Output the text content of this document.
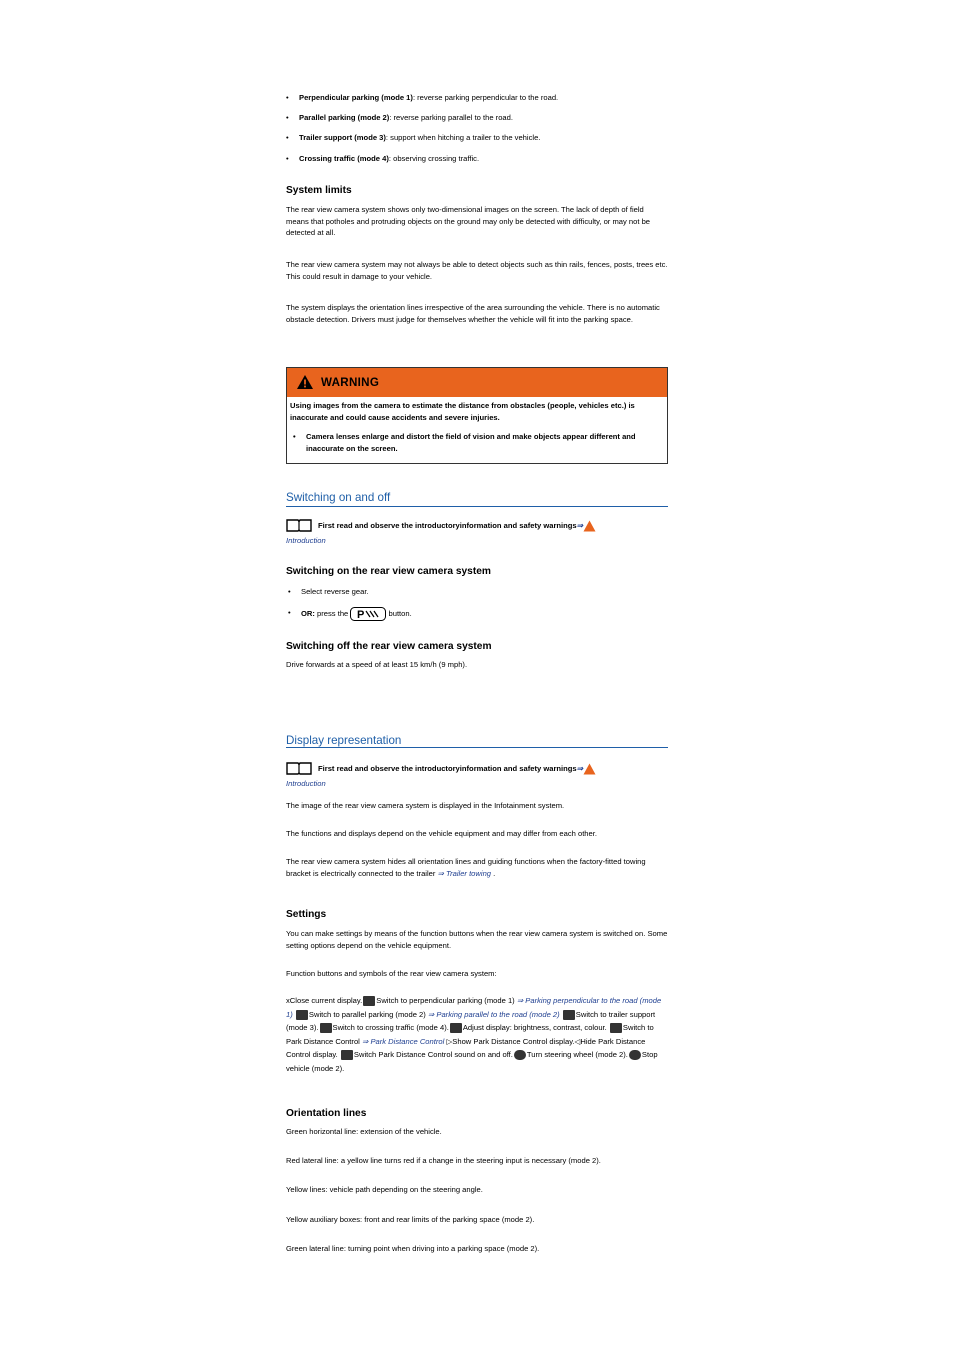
• Perpendicular parking (mode 1): reverse parking perpendicular to the road.
• Parallel parking (mode 2): reverse parking parallel to the road.
• Trailer support (mode 3): support when hitching a trailer to the vehicle.
• Crossing traffic (mode 4): observing crossing traffic.
System limits

The rear view camera system shows only two-dimensional images on the screen. The lack of depth of field means that potholes and protruding objects on the ground may only be detected with difficulty, or may not be detected at all.

The rear view camera system may not always be able to detect objects such as thin rails, fences, posts, trees etc. This could result in damage to your vehicle.

The system displays the orientation lines irrespective of the area surrounding the vehicle. There is no automatic obstacle detection. Drivers must judge for themselves whether the vehicle will fit into the parking space.

WARNING

Using images from the camera to estimate the distance from obstacles (people, vehicles etc.) is inaccurate and could cause accidents and severe injuries.

• Camera lenses enlarge and distort the field of vision and make objects appear different and inaccurate on the screen.
Switching on and off
First read and observe the introductoryinformation and safety warnings⇒
Introduction
Switching on the rear view camera system
• Select reverse gear.
• OR: press the P	button.
Switching off the rear view camera system

Drive forwards at a speed of at least 15 km/h (9 mph).

Display representation
First read and observe the introductoryinformation and safety warnings⇒
Introduction

The image of the rear view camera system is displayed in the Infotainment system.

The functions and displays depend on the vehicle equipment and may differ from each other.

The rear view camera system hides all orientation lines and guiding functions when the factory-fitted towing bracket is electrically connected to the trailer ⇒ Trailer towing .

Settings

You can make settings by means of the function buttons when the rear view camera system is switched on. Some setting options depend on the vehicle equipment.

Function buttons and symbols of the rear view camera system:

xClose current display. Switch to perpendicular parking (mode 1) ⇒ Parking perpendicular to the road (mode 1) Switch to parallel parking (mode 2) ⇒ Parking parallel to the road (mode 2) Switch to trailer support (mode 3). Switch to crossing traffic (mode 4). Adjust display: brightness, contrast, colour. Switch to Park Distance Control ⇒ Park Distance Control ▷Show Park Distance Control display.◁Hide Park Distance Control display. Switch Park Distance Control sound on and off. Turn steering wheel (mode 2). Stop vehicle (mode 2).
Orientation lines

Green horizontal line: extension of the vehicle.

Red lateral line: a yellow line turns red if a change in the steering input is necessary (mode 2).

Yellow lines: vehicle path depending on the steering angle.

Yellow auxiliary boxes: front and rear limits of the parking space (mode 2).

Green lateral line: turning point when driving into a parking space (mode 2).
